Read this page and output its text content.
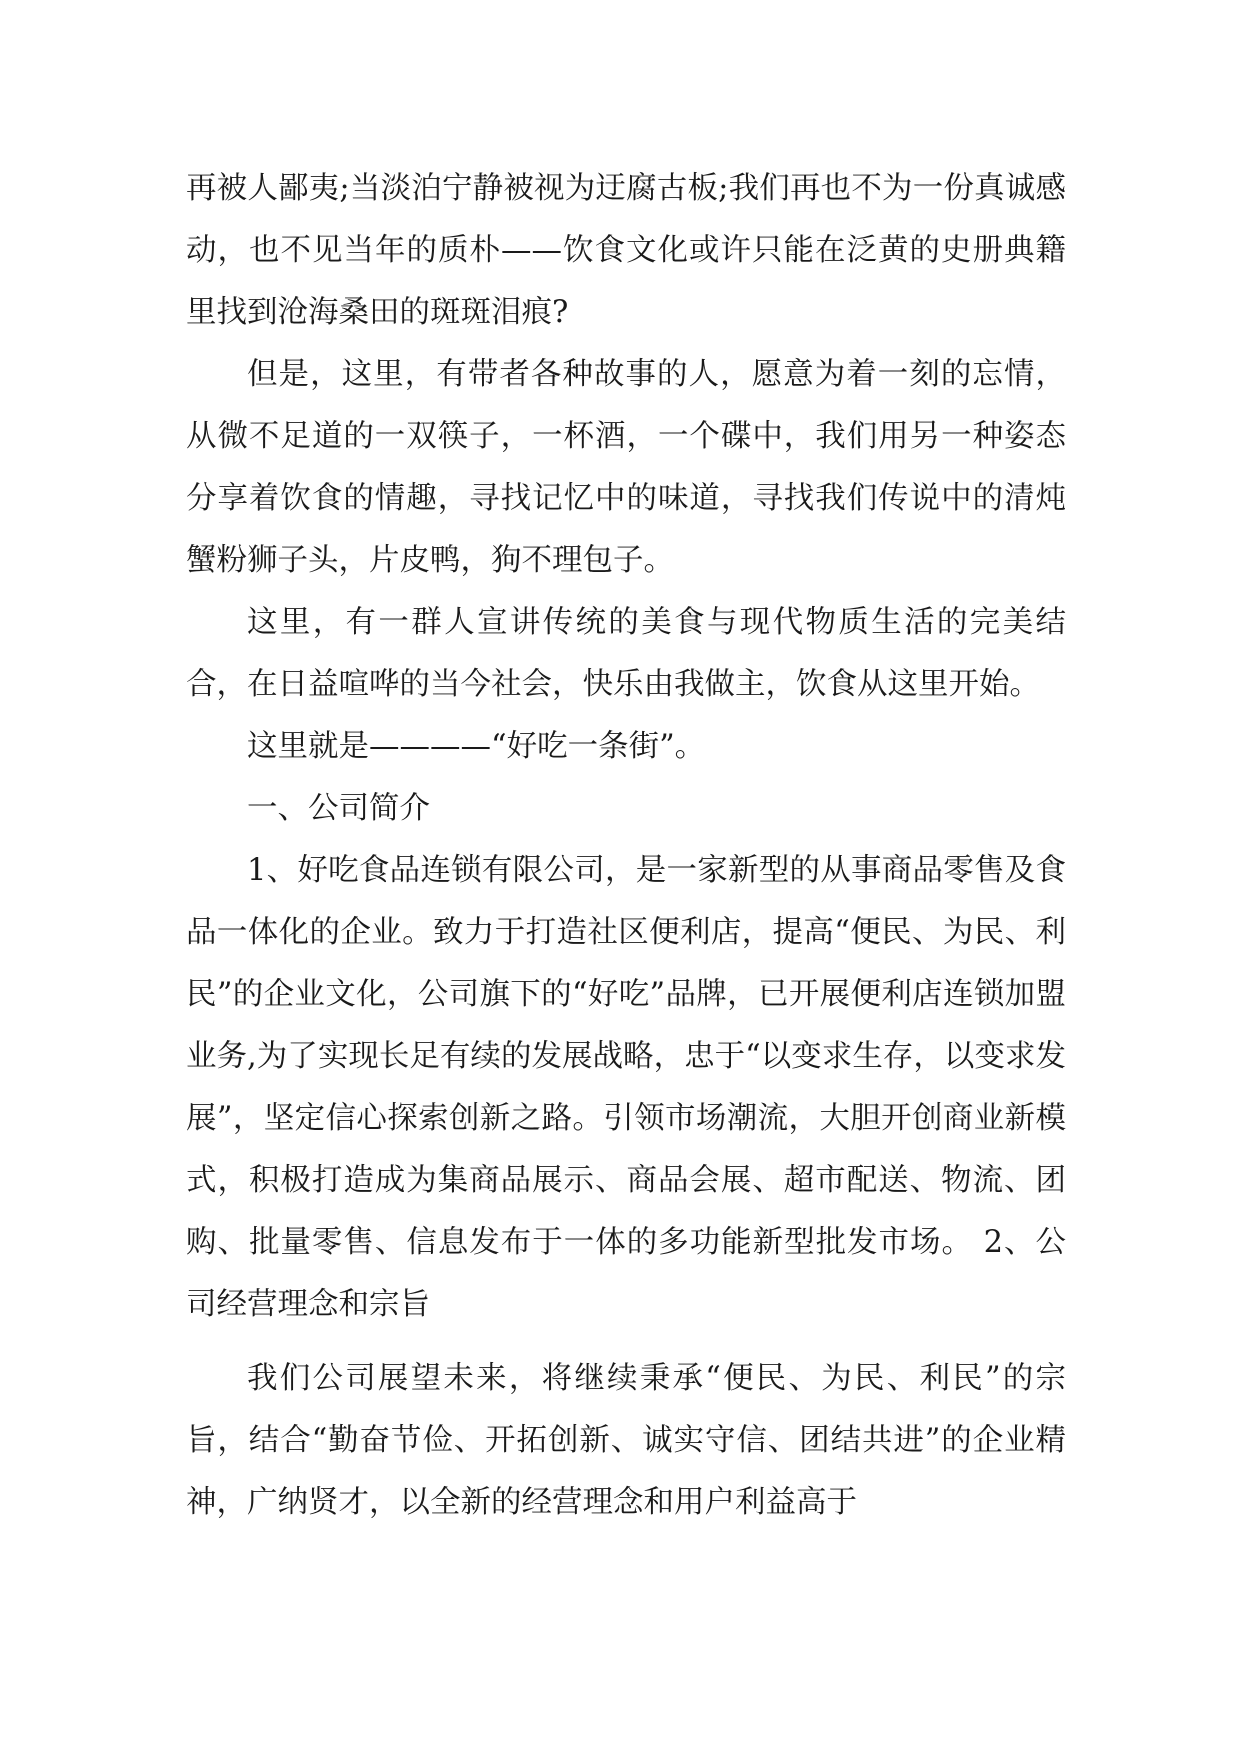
再被人鄙夷;当淡泊宁静被视为迂腐古板;我们再也不为一份真诚感动，也不见当年的质朴——饮食文化或许只能在泛黄的史册典籍里找到沧海桑田的斑斑泪痕?

但是，这里，有带者各种故事的人，愿意为着一刻的忘情，从微不足道的一双筷子，一杯酒，一个碟中，我们用另一种姿态分享着饮食的情趣，寻找记忆中的味道，寻找我们传说中的清炖蟹粉狮子头，片皮鸭，狗不理包子。

这里，有一群人宣讲传统的美食与现代物质生活的完美结合，在日益喧哗的当今社会，快乐由我做主，饮食从这里开始。

这里就是————“好吃一条街”。

一、公司简介

1、好吃食品连锁有限公司，是一家新型的从事商品零售及食品一体化的企业。致力于打造社区便利店，提高“便民、为民、利民”的企业文化，公司旗下的“好吃”品牌，已开展便利店连锁加盟业务,为了实现长足有续的发展战略，忠于“以变求生存，以变求发展”，坚定信心探索创新之路。引领市场潮流，大胆开创商业新模式，积极打造成为集商品展示、商品会展、超市配送、物流、团购、批量零售、信息发布于一体的多功能新型批发市场。 2、公司经营理念和宗旨

我们公司展望未来，将继续秉承“便民、为民、利民”的宗旨，结合“勤奋节俭、开拓创新、诚实守信、团结共进”的企业精神，广纳贤才，以全新的经营理念和用户利益高于
